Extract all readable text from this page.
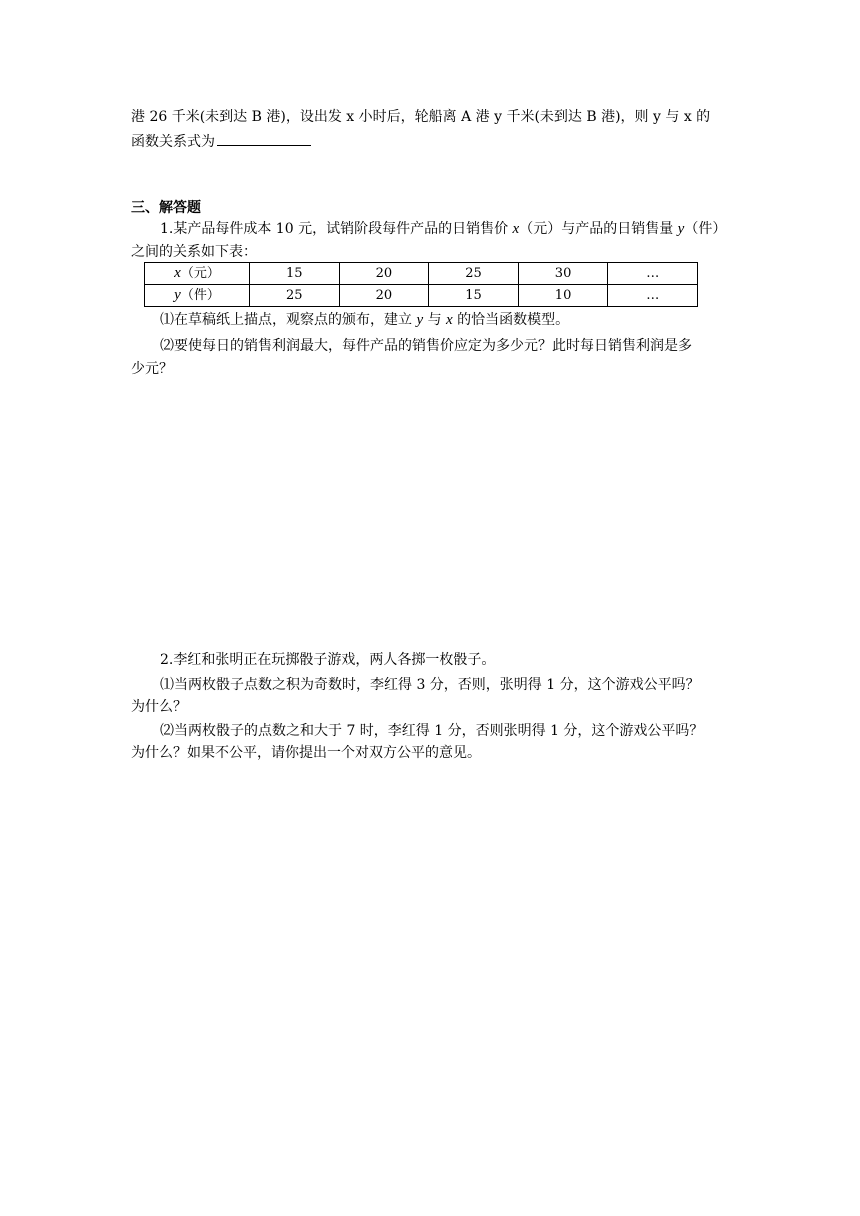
港 26 千米(未到达 B 港)，设出发 x 小时后，轮船离 A 港 y 千米(未到达 B 港)，则 y 与 x 的
函数关系式为
三、解答题
1.某产品每件成本 10 元，试销阶段每件产品的日销售价 x（元）与产品的日销售量 y（件）
之间的关系如下表：
x（元）	15	20	25	30	…
y（件）	25	20	15	10	…
⑴在草稿纸上描点，观察点的颁布，建立 y 与 x 的恰当函数模型。
⑵要使每日的销售利润最大，每件产品的销售价应定为多少元？此时每日销售利润是多
少元？
2.李红和张明正在玩掷骰子游戏，两人各掷一枚骰子。
⑴当两枚骰子点数之积为奇数时，李红得 3 分，否则，张明得 1 分，这个游戏公平吗？
为什么？
⑵当两枚骰子的点数之和大于 7 时，李红得 1 分，否则张明得 1 分，这个游戏公平吗？
为什么？如果不公平，请你提出一个对双方公平的意见。
